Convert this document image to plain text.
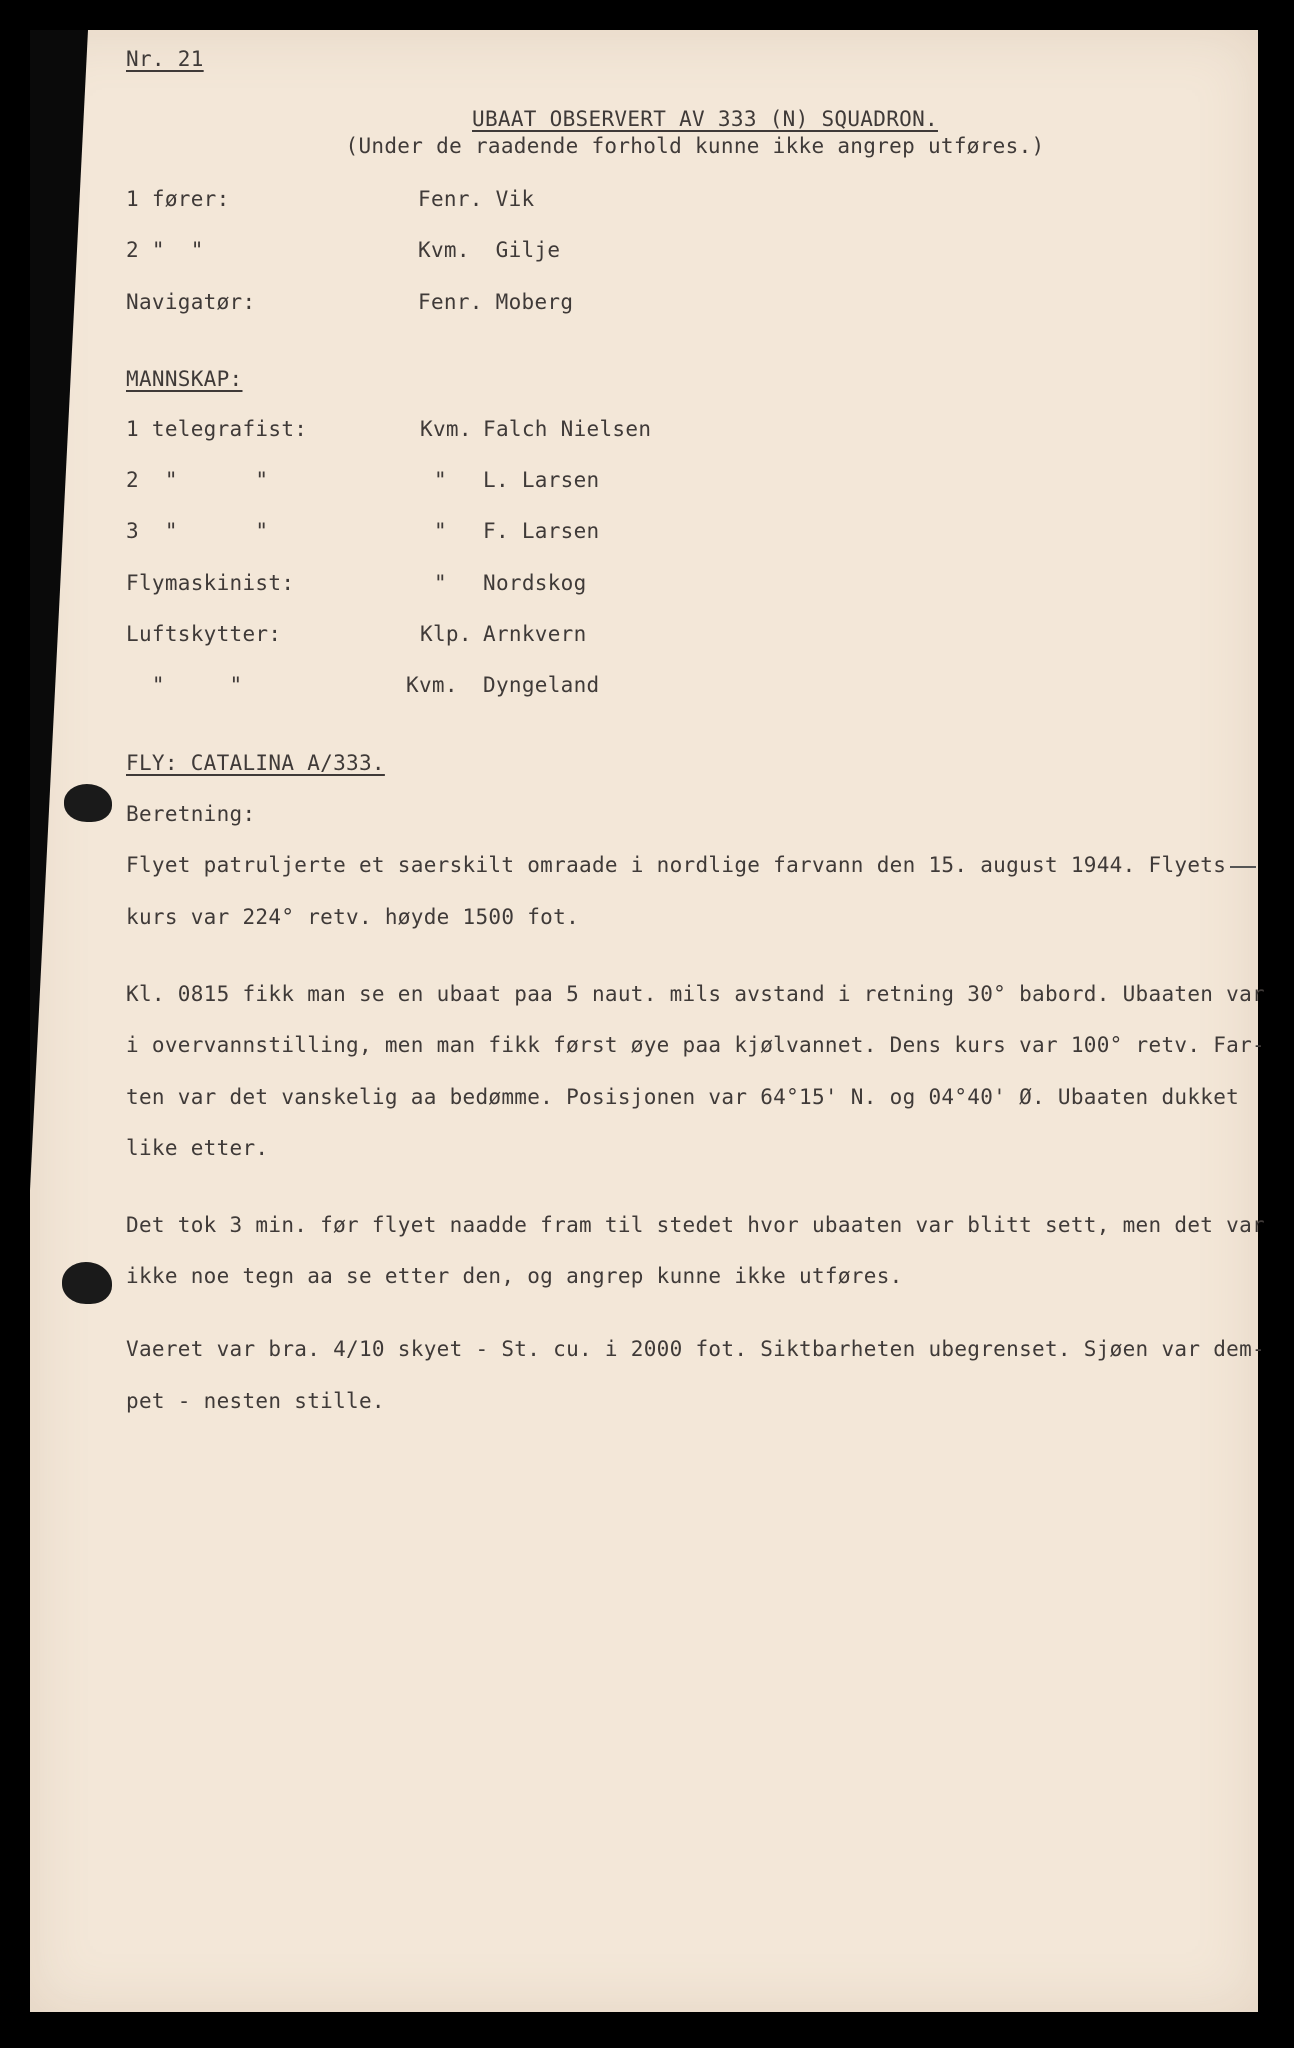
Nr. 21
UBAAT OBSERVERT AV 333 (N) SQUADRON.
(Under de raadende forhold kunne ikke angrep utføres.)
1 fører:	Fenr. Vik
2 "  "	Kvm.  Gilje
Navigatør:	Fenr. Moberg
MANNSKAP:
1 telegrafist:	Kvm. Falch Nielsen
2  "      "	" L. Larsen
3  "      "	" F. Larsen
Flymaskinist:	" Nordskog
Luftskytter:	Klp. Arnkvern
"     "	Kvm. Dyngeland
FLY: CATALINA A/333.
Beretning:
Flyet patruljerte et saerskilt omraade i nordlige farvann den 15. august 1944. Flyets
kurs var 224° retv. høyde 1500 fot.
Kl. 0815 fikk man se en ubaat paa 5 naut. mils avstand i retning 30° babord. Ubaaten var
i overvannstilling, men man fikk først øye paa kjølvannet. Dens kurs var 100° retv. Far-
ten var det vanskelig aa bedømme. Posisjonen var 64°15' N. og 04°40' Ø. Ubaaten dukket
like etter.
Det tok 3 min. før flyet naadde fram til stedet hvor ubaaten var blitt sett, men det var
ikke noe tegn aa se etter den, og angrep kunne ikke utføres.
Vaeret var bra. 4/10 skyet - St. cu. i 2000 fot. Siktbarheten ubegrenset. Sjøen var dem-
pet - nesten stille.
